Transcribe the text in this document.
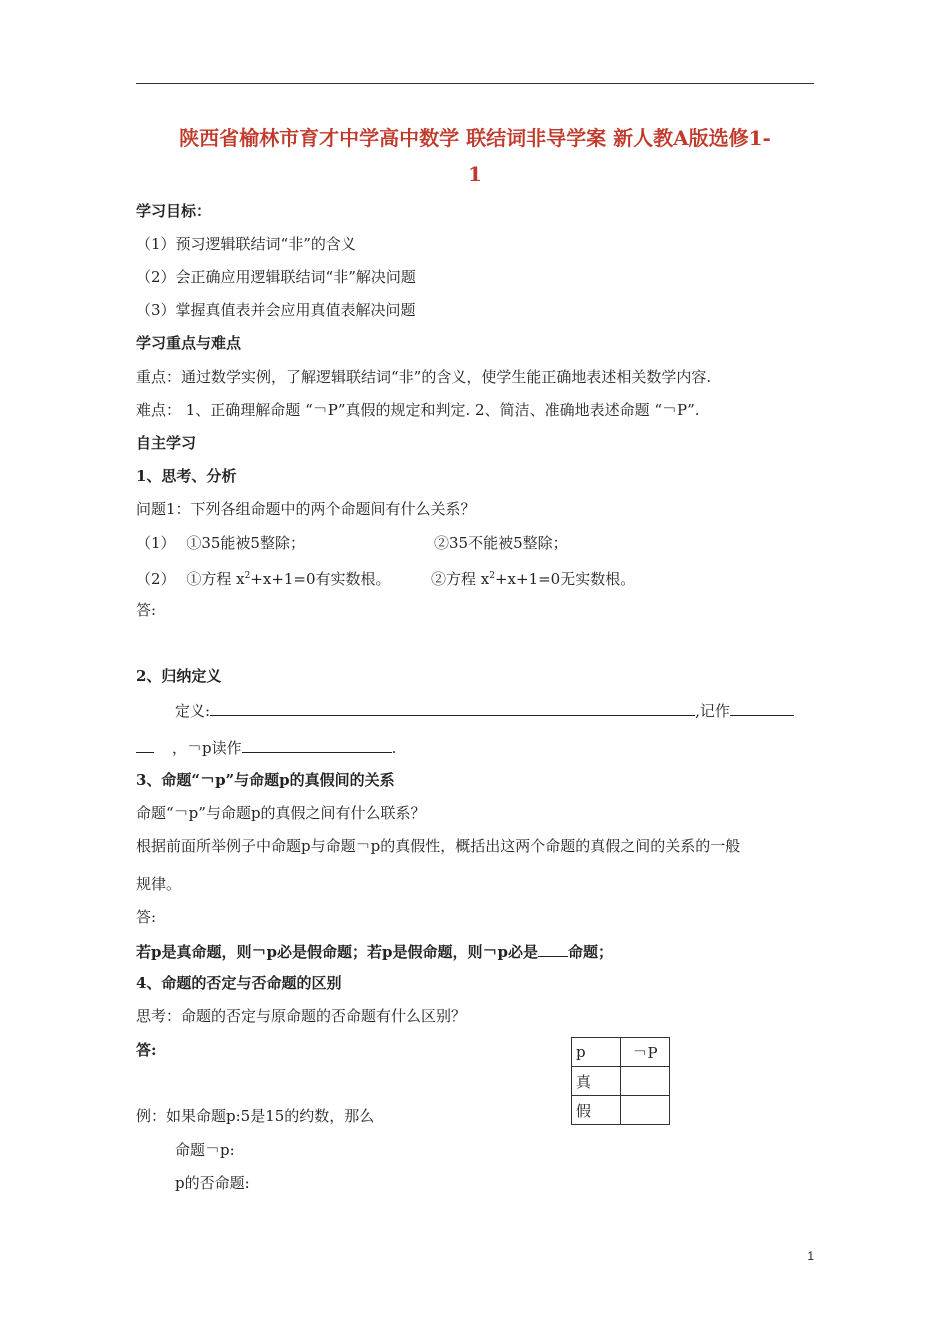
陕西省榆林市育才中学高中数学 联结词非导学案 新人教A版选修1-
1
学习目标：
（1）预习逻辑联结词“非”的含义
（2）会正确应用逻辑联结词“非”解决问题
（3）掌握真值表并会应用真值表解决问题
学习重点与难点
重点：通过数学实例，了解逻辑联结词“非”的含义，使学生能正确地表述相关数学内容.
难点： 1、正确理解命题 “￢P”真假的规定和判定. 2、简洁、准确地表述命题 “￢P”.
自主学习
1、思考、分析
问题1：下列各组命题中的两个命题间有什么关系？
（1） ①35能被5整除；	②35不能被5整除；
（2） ①方程 $x^2+x+1=0$有实数根。	②方程 $x^2+x+1=0$无实数根。
答:
2、归纳定义
定义:	,记作
，￢p读作	.
3、命题“￢p”与命题p的真假间的关系
命题“￢p”与命题p的真假之间有什么联系？
根据前面所举例子中命题p与命题￢p的真假性，概括出这两个命题的真假之间的关系的一般
规律。
答:
若p是真命题，则￢p必是假命题；若p是假命题，则￢p必是 命题；
4、命题的否定与否命题的区别
思考：命题的否定与原命题的否命题有什么区别？
答:
例：如果命题p:5是15的约数，那么
命题￢p:
p的否命题:
p	￢P
真	
假	
1
